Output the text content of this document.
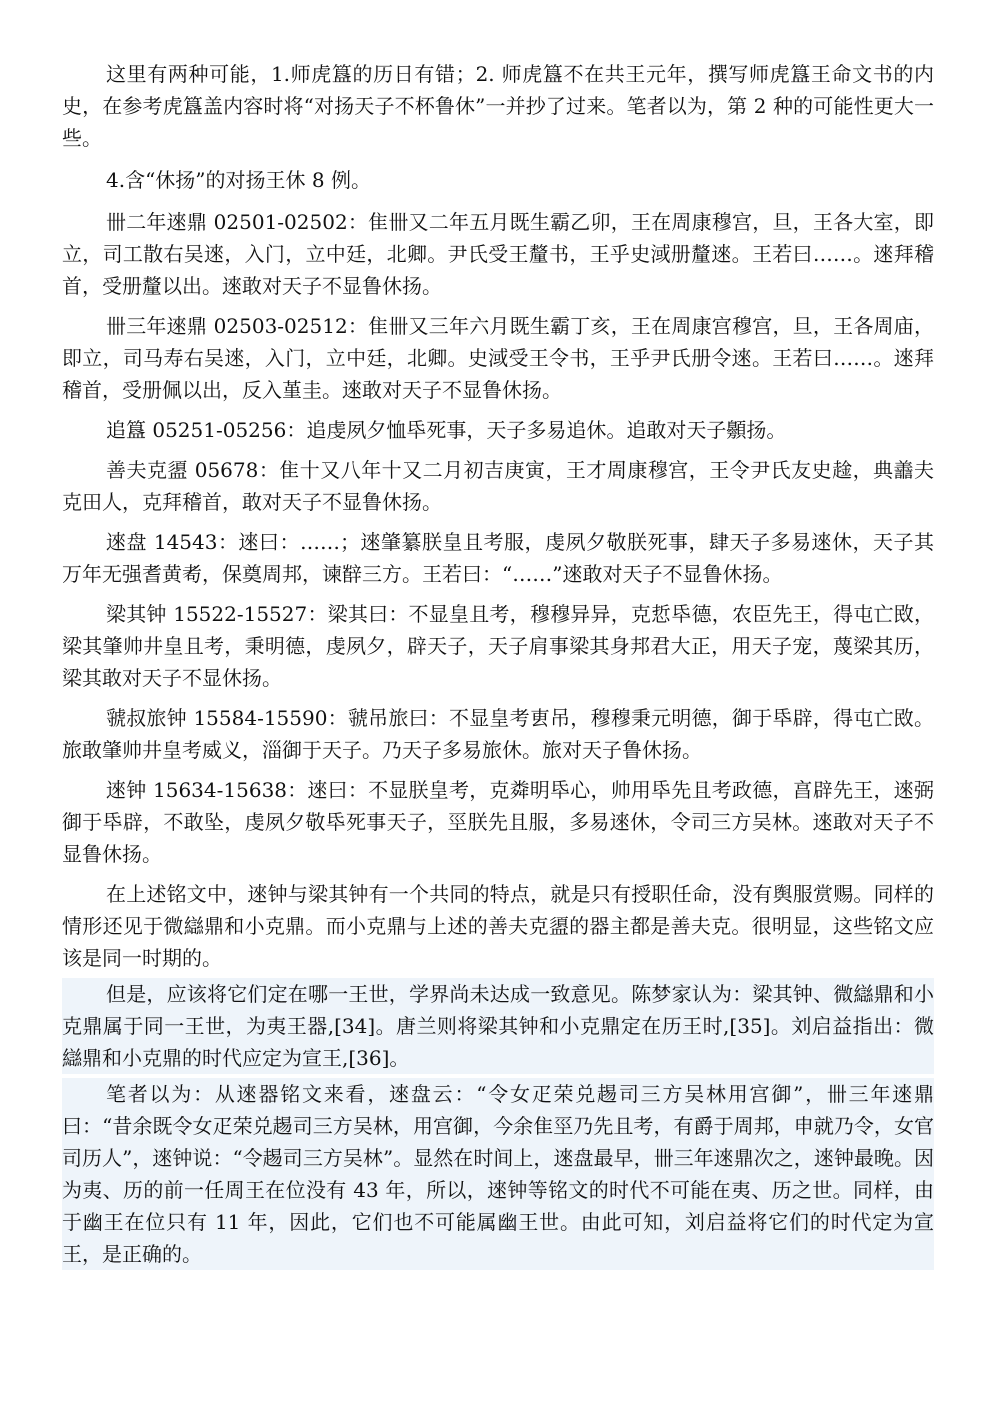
这里有两种可能，1.师虎簋的历日有错；2. 师虎簋不在共王元年，撰写师虎簋王命文书的内史，在参考虎簋盖内容时将“对扬天子不杯鲁休”一并抄了过来。笔者以为，第 2 种的可能性更大一些。

4.含“休扬”的对扬王休 8 例。

卌二年逨鼎 02501-02502：隹卌又二年五月既生霸乙卯，王在周康穆宫，旦，王各大室，即立，司工散右吴逨，入门，立中廷，北卿。尹氏受王釐书，王乎史淢册釐逨。王若曰……。逨拜稽首，受册釐以出。逨敢对天子不显鲁休扬。

卌三年逨鼎 02503-02512：隹卌又三年六月既生霸丁亥，王在周康宫穆宫，旦，王各周庙，即立，司马寿右吴逨，入门，立中廷，北卿。史淢受王令书，王乎尹氏册令逨。王若曰……。逨拜稽首，受册佩以出，反入堇圭。逨敢对天子不显鲁休扬。

追簋 05251-05256：追虔夙夕恤氒死事，天子多易追休。追敢对天子䫵扬。

善夫克盨 05678：隹十又八年十又二月初吉庚寅，王才周康穆宫，王令尹氏友史趛，典譱夫克田人，克拜稽首，敢对天子不显鲁休扬。

逨盘 14543：逨曰：……；逨肇纂朕皇且考服，虔夙夕敬朕死事，肆天子多易逨休，天子其万年无强耆黄耇，保奠周邦，谏辥三方。王若曰：“……”逨敢对天子不显鲁休扬。

梁其钟 15522-15527：梁其曰：不显皇且考，穆穆异异，克悊氒德，农臣先王，得屯亡敃，梁其肇帅井皇且考，秉明德，虔夙夕，辟天子，天子肩事梁其身邦君大正，用天子宠，蔑梁其历，梁其敢对天子不显休扬。

虢叔旅钟 15584-15590：虢吊旅曰：不显皇考叀吊，穆穆秉元明德，御于氒辟，得屯亡敃。旅敢肇帅井皇考威义，淄御于天子。乃天子多易旅休。旅对天子鲁休扬。

逨钟 15634-15638：逨曰：不显朕皇考，克粦明氒心，帅用氒先且考政德，亯辟先王，逨弼御于氒辟，不敢坠，虔夙夕敬氒死事天子，巠朕先且服，多易逨休，令司三方吴林。逨敢对天子不显鲁休扬。

在上述铭文中，逨钟与梁其钟有一个共同的特点，就是只有授职任命，没有舆服赏赐。同样的情形还见于微䜌鼎和小克鼎。而小克鼎与上述的善夫克盨的器主都是善夫克。很明显，这些铭文应该是同一时期的。

但是，应该将它们定在哪一王世，学界尚未达成一致意见。陈梦家认为：梁其钟、微䜌鼎和小克鼎属于同一王世，为夷王器,[34]。唐兰则将梁其钟和小克鼎定在历王时,[35]。刘启益指出：微䜌鼎和小克鼎的时代应定为宣王,[36]。

笔者以为：从逨器铭文来看，逨盘云：“令女疋荣兑䞶司三方吴林用宫御”，卌三年逨鼎曰：“昔余既令女疋荣兑䞶司三方吴林，用宫御，今余隹巠乃先且考，有爵于周邦，申就乃令，女官司历人”，逨钟说：“令䞶司三方吴林”。显然在时间上，逨盘最早，卌三年逨鼎次之，逨钟最晚。因为夷、历的前一任周王在位没有 43 年，所以，逨钟等铭文的时代不可能在夷、历之世。同样，由于幽王在位只有 11 年，因此，它们也不可能属幽王世。由此可知，刘启益将它们的时代定为宣王，是正确的。
